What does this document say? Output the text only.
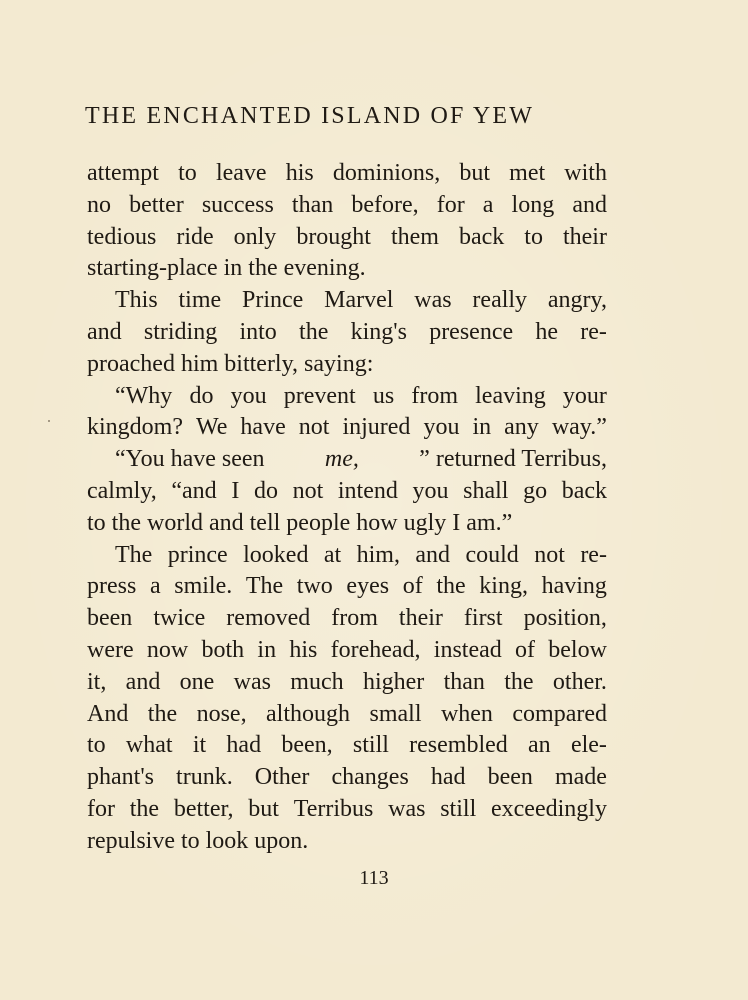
THE ENCHANTED ISLAND OF YEW
attempt to leave his dominions, but met with
no better success than before, for a long and
tedious ride only brought them back to their
starting-place in the evening.
This time Prince Marvel was really angry,
and striding into the king's presence he re-
proached him bitterly, saying:
“Why do you prevent us from leaving your
kingdom? We have not injured you in any way.”
“You have seen	me,	” returned Terribus,
calmly, “and I do not intend you shall go back
to the world and tell people how ugly I am.”
The prince looked at him, and could not re-
press a smile. The two eyes of the king, having
been twice removed from their first position,
were now both in his forehead, instead of below
it, and one was much higher than the other.
And the nose, although small when compared
to what it had been, still resembled an ele-
phant's trunk. Other changes had been made
for the better, but Terribus was still exceedingly
repulsive to look upon.
113
